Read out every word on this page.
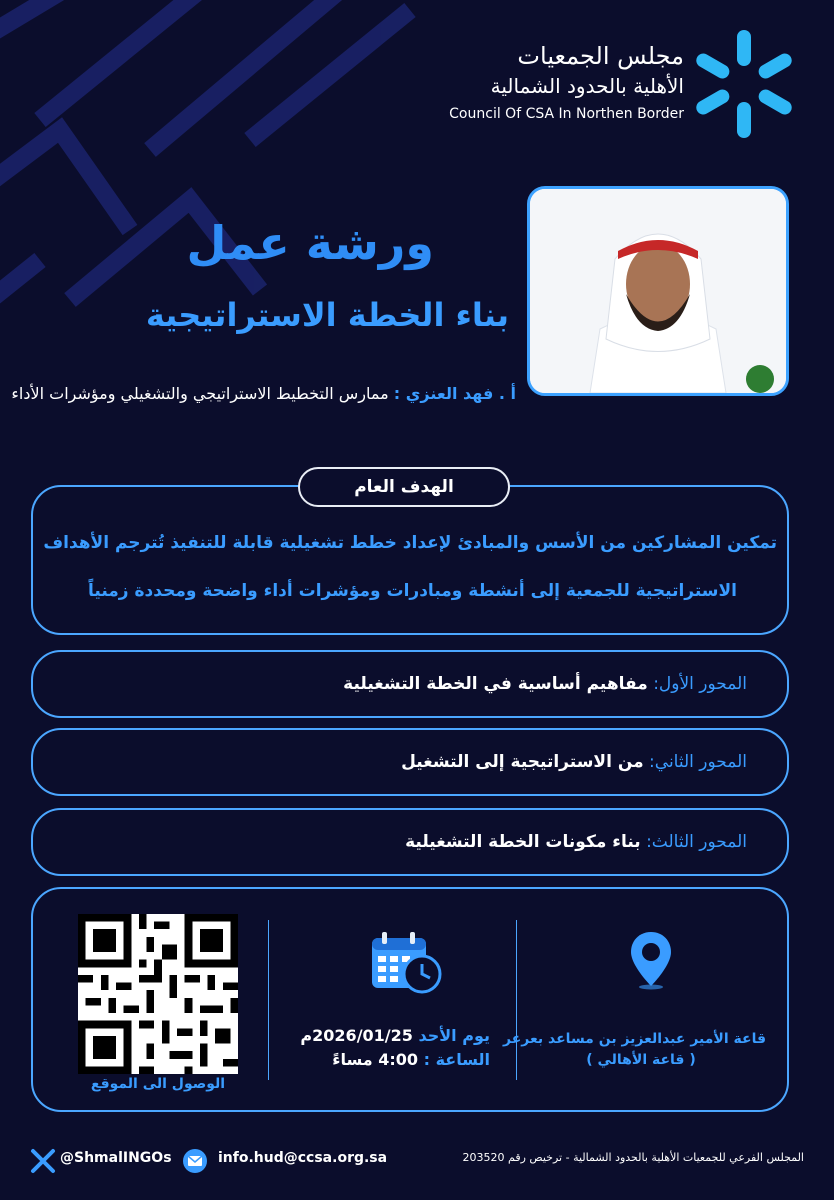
مجلس الجمعيات
الأهلية بالحدود الشمالية
Council Of CSA In Northen Border
ورشة عمل
بناء الخطة الاستراتيجية
أ . فهد العنزي : ممارس التخطيط الاستراتيجي والتشغيلي ومؤشرات الأداء
الهدف العام
تمكين المشاركين من الأسس والمبادئ لإعداد خطط تشغيلية قابلة للتنفيذ تُترجم الأهداف
الاستراتيجية للجمعية إلى أنشطة ومبادرات ومؤشرات أداء واضحة ومحددة زمنياً
المحور الأول: مفاهيم أساسية في الخطة التشغيلية
المحور الثاني: من الاستراتيجية إلى التشغيل
المحور الثالث: بناء مكونات الخطة التشغيلية
الوصول الى الموقع
يوم الأحد 2026/01/25م
الساعة : 4:00 مساءً
قاعة الأمير عبدالعزيز بن مساعد بعرعر
( قاعة الأهالي )
@ShmalINGOs	info.hud@ccsa.org.sa	المجلس الفرعي للجمعيات الأهلية بالحدود الشمالية - ترخيص رقم 203520
